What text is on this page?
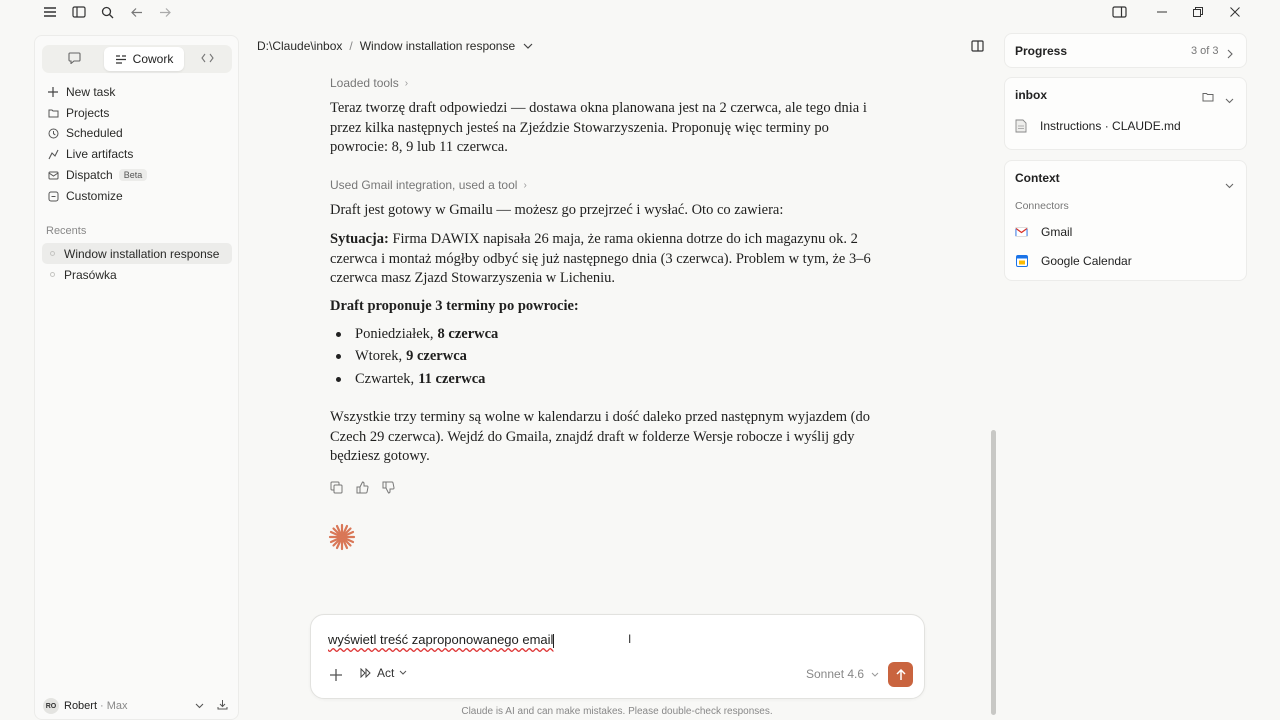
Cowork
New task
Projects
Scheduled
Live artifacts
Dispatch	Beta
Customize
Recents
Window installation response
Prasówka
RO Robert · Max
D:\Claude\inbox / Window installation response
Loaded tools ›
Teraz tworzę draft odpowiedzi — dostawa okna planowana jest na 2 czerwca, ale tego dnia i przez kilka następnych jesteś na Zjeździe Stowarzyszenia. Proponuję więc terminy po powrocie: 8, 9 lub 11 czerwca.
Used Gmail integration, used a tool ›
Draft jest gotowy w Gmailu — możesz go przejrzeć i wysłać. Oto co zawiera:
Sytuacja: Firma DAWIX napisała 26 maja, że rama okienna dotrze do ich magazynu ok. 2 czerwca i montaż mógłby odbyć się już następnego dnia (3 czerwca). Problem w tym, że 3–6 czerwca masz Zjazd Stowarzyszenia w Licheniu.
Draft proponuje 3 terminy po powrocie:
Poniedziałek, 8 czerwca
Wtorek, 9 czerwca
Czwartek, 11 czerwca
Wszystkie trzy terminy są wolne w kalendarzu i dość daleko przed następnym wyjazdem (do Czech 29 czerwca). Wejdź do Gmaila, znajdź draft w folderze Wersje robocze i wyślij gdy będziesz gotowy.
wyświetl treść zaproponowanego email	I
Act	Sonnet 4.6
Claude is AI and can make mistakes. Please double-check responses.
Progress	3 of 3
inbox
Instructions · CLAUDE.md
Context
Connectors
Gmail
Google Calendar
